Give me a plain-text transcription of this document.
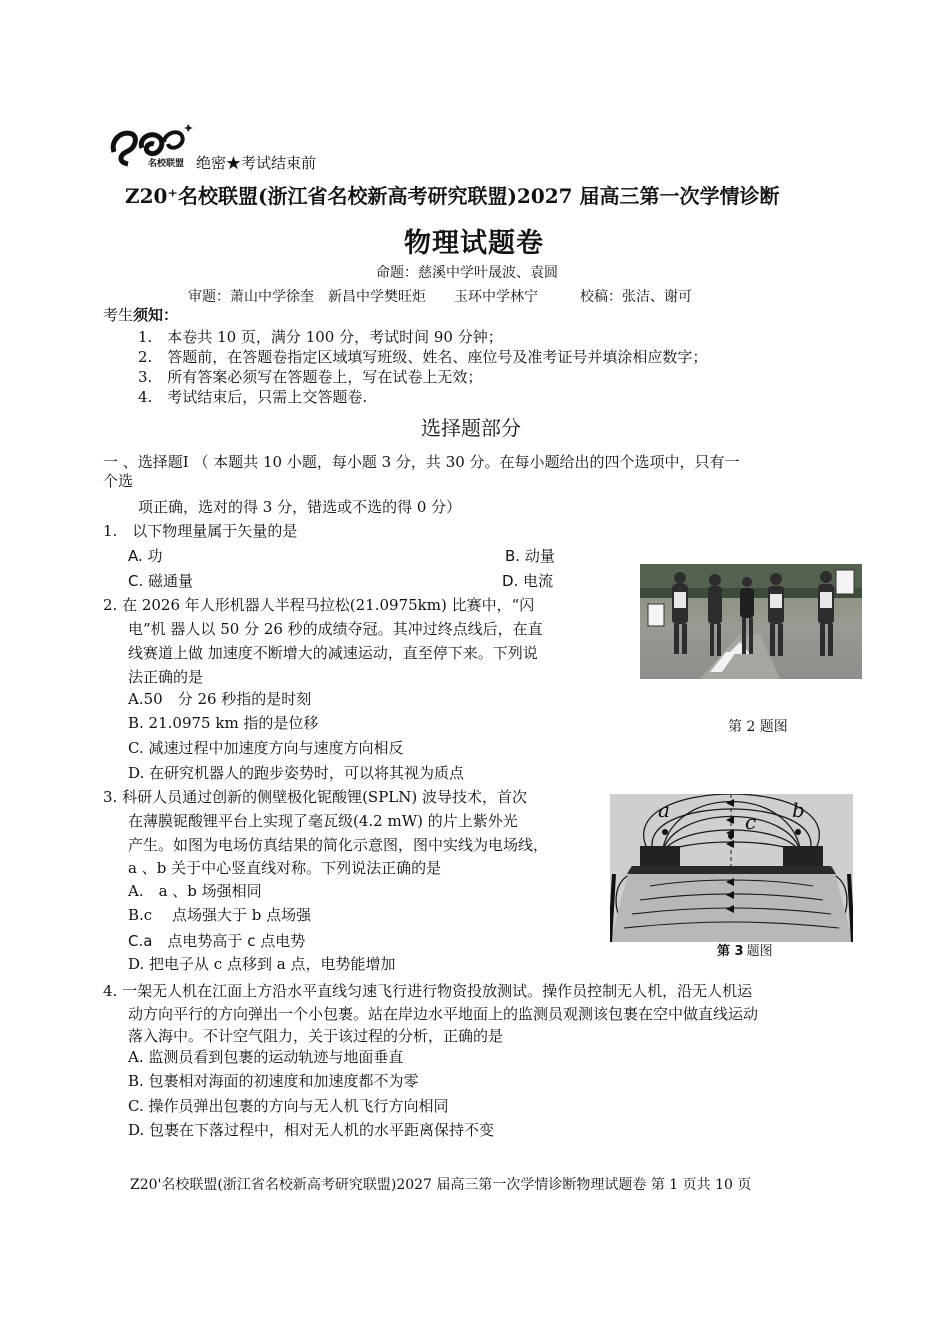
名校联盟 绝密★考试结束前
Z20⁺名校联盟(浙江省名校新高考研究联盟)2027 届高三第一次学情诊断
物理试题卷
命题：慈溪中学叶晟波、袁圆
审题：萧山中学徐奎　新昌中学樊旺炬　　玉环中学林宁　　　校稿：张洁、谢可
考生须知：
1.　本卷共 10 页，满分 100 分，考试时间 90 分钟；
2.　答题前，在答题卷指定区域填写班级、姓名、座位号及准考证号并填涂相应数字；
3.　所有答案必须写在答题卷上，写在试卷上无效；
4.　考试结束后，只需上交答题卷.
选择题部分
一 、选择题Ⅰ （ 本题共 10 小题，每小题 3 分，共 30 分。在每小题给出的四个选项中，只有一
个选
项正确，选对的得 3 分，错选或不选的得 0 分）
1.　以下物理量属于矢量的是
A. 功	B. 动量
C. 磁通量	D. 电流
2. 在 2026 年人形机器人半程马拉松(21.0975km) 比赛中，“闪
电”机 器人以 50 分 26 秒的成绩夺冠。其冲过终点线后，在直
线赛道上做 加速度不断增大的减速运动，直至停下来。下列说
法正确的是
A.50　分 26 秒指的是时刻
B. 21.0975 km 指的是位移
C. 减速过程中加速度方向与速度方向相反
D. 在研究机器人的跑步姿势时，可以将其视为质点
第 2 题图
3. 科研人员通过创新的侧壁极化铌酸锂(SPLN) 波导技术，首次
在薄膜铌酸锂平台上实现了毫瓦级(4.2 mW) 的片上紫外光
产生。如图为电场仿真结果的简化示意图，图中实线为电场线，
a 、b 关于中心竖直线对称。下列说法正确的是
A.　a 、b 场强相同
B.c　 点场强大于 b 点场强
C.a　点电势高于 c 点电势
D. 把电子从 c 点移到 a 点，电势能增加
a	b
c
第 3 题图
4. 一架无人机在江面上方沿水平直线匀速飞行进行物资投放测试。操作员控制无人机，沿无人机运
动方向平行的方向弹出一个小包裹。站在岸边水平地面上的监测员观测该包裹在空中做直线运动
落入海中。不计空气阻力，关于该过程的分析，正确的是
A. 监测员看到包裹的运动轨迹与地面垂直
B. 包裹相对海面的初速度和加速度都不为零
C. 操作员弹出包裹的方向与无人机飞行方向相同
D. 包裹在下落过程中，相对无人机的水平距离保持不变
Z20'名校联盟(浙江省名校新高考研究联盟)2027 届高三第一次学情诊断物理试题卷 第 1 页共 10 页
